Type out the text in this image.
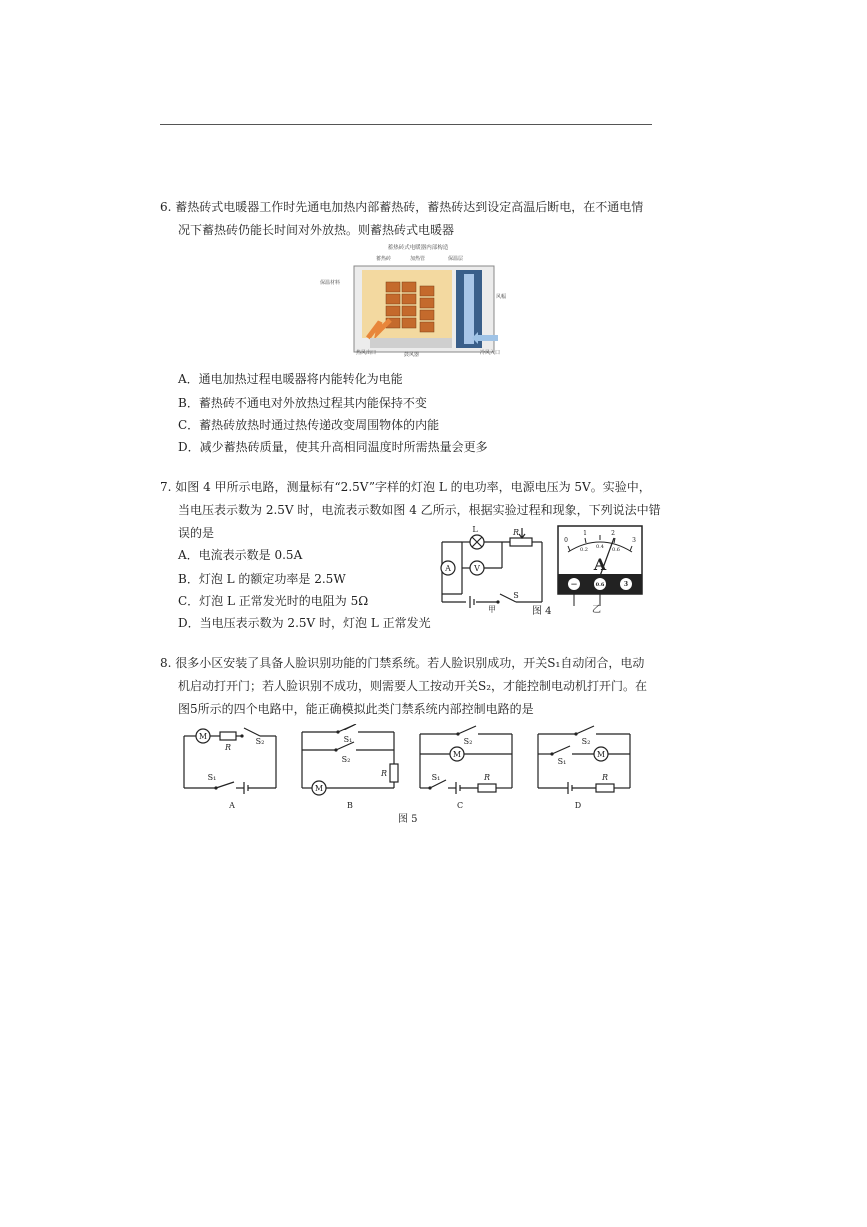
6. 蓄热砖式电暖器工作时先通电加热内部蓄热砖，蓄热砖达到设定高温后断电，在不通电情
况下蓄热砖仍能长时间对外放热。则蓄热砖式电暖器
蓄热砖式电暖器内部构造
蓄热砖	加热管	保温层
保温材料
风幅
热风出口	冷风入口
鼓风器
A．通电加热过程电暖器将内能转化为电能
B．蓄热砖不通电对外放热过程其内能保持不变
C．蓄热砖放热时通过热传递改变周围物体的内能
D．减少蓄热砖质量，使其升高相同温度时所需热量会更多
7. 如图 4 甲所示电路，测量标有“2.5V”字样的灯泡 L 的电功率，电源电压为 5V。实验中，
当电压表示数为 2.5V 时，电流表示数如图 4 乙所示，根据实验过程和现象，下列说法中错
误的是
A．电流表示数是 0.5A
B．灯泡 L 的额定功率是 2.5W
C．灯泡 L 正常发光时的电阻为 5Ω
D．当电压表示数为 2.5V 时，灯泡 L 正常发光
L	R
A	V
S
甲
0
1	2
3
0.2 0.4 0.6
A
—	0.6	3
乙
图 4
8. 很多小区安装了具备人脸识别功能的门禁系统。若人脸识别成功，开关S₁自动闭合，电动
机启动打开门；若人脸识别不成功，则需要人工按动开关S₂，才能控制电动机打开门。在
图5所示的四个电路中，能正确模拟此类门禁系统内部控制电路的是
M
R
S₂
S₁
A
S₁
S₂
R
M
B
S₂
M
S₁	R
C
S₂
S₁
M
R
D
图 5
